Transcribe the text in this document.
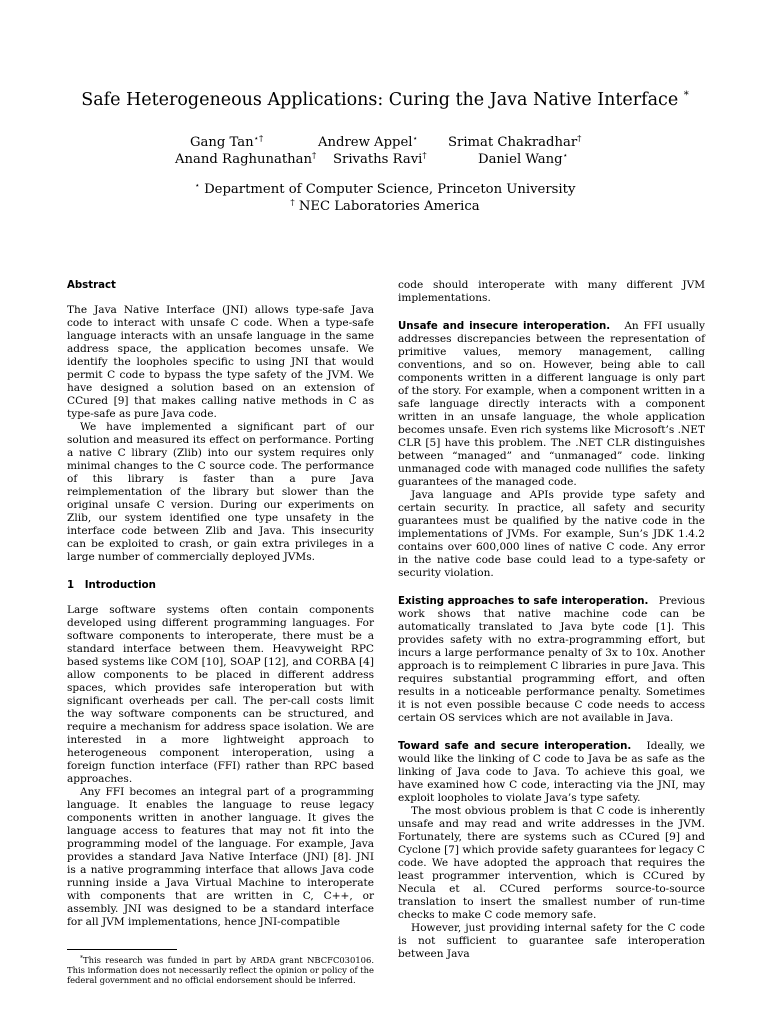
Safe Heterogeneous Applications: Curing the Java Native Interface *
Gang Tan⋆†	Andrew Appel⋆ Srimat Chakradhar†
Anand Raghunathan† Srivaths Ravi†	Daniel Wang⋆
⋆ Department of Computer Science, Princeton University
† NEC Laboratories America
Abstract

The Java Native Interface (JNI) allows type-safe Java code to interact with unsafe C code. When a type-safe language interacts with an unsafe language in the same address space, the application becomes unsafe. We identify the loopholes specific to using JNI that would permit C code to bypass the type safety of the JVM. We have designed a solution based on an extension of CCured [9] that makes calling native methods in C as type-safe as pure Java code.

We have implemented a significant part of our solution and measured its effect on performance. Porting a native C library (Zlib) into our system requires only minimal changes to the C source code. The performance of this library is faster than a pure Java reimplementation of the library but slower than the original unsafe C version. During our experiments on Zlib, our system identified one type unsafety in the interface code between Zlib and Java. This insecurity can be exploited to crash, or gain extra privileges in a large number of commercially deployed JVMs.

1   Introduction

Large software systems often contain components developed using different programming languages. For software components to interoperate, there must be a standard interface between them. Heavyweight RPC based systems like COM [10], SOAP [12], and CORBA [4] allow components to be placed in different address spaces, which provides safe interoperation but with significant overheads per call. The per-call costs limit the way software components can be structured, and require a mechanism for address space isolation. We are interested in a more lightweight approach to heterogeneous component interoperation, using a foreign function interface (FFI) rather than RPC based approaches.

Any FFI becomes an integral part of a programming language. It enables the language to reuse legacy components written in another language. It gives the language access to features that may not fit into the programming model of the language. For example, Java provides a standard Java Native Interface (JNI) [8]. JNI is a native programming interface that allows Java code running inside a Java Virtual Machine to interoperate with components that are written in C, C++, or assembly. JNI was designed to be a standard interface for all JVM implementations, hence JNI-compatible

*This research was funded in part by ARDA grant NBCFC030106. This information does not necessarily reflect the opinion or policy of the federal government and no official endorsement should be inferred.

code should interoperate with many different JVM implementations.

Unsafe and insecure interoperation. An FFI usually addresses discrepancies between the representation of primitive values, memory management, calling conventions, and so on. However, being able to call components written in a different language is only part of the story. For example, when a component written in a safe language directly interacts with a component written in an unsafe language, the whole application becomes unsafe. Even rich systems like Microsoft’s .NET CLR [5] have this problem. The .NET CLR distinguishes between “managed” and “unmanaged” code. linking unmanaged code with managed code nullifies the safety guarantees of the managed code.

Java language and APIs provide type safety and certain security. In practice, all safety and security guarantees must be qualified by the native code in the implementations of JVMs. For example, Sun’s JDK 1.4.2 contains over 600,000 lines of native C code. Any error in the native code base could lead to a type-safety or security violation.

Existing approaches to safe interoperation. Previous work shows that native machine code can be automatically translated to Java byte code [1]. This provides safety with no extra-programming effort, but incurs a large performance penalty of 3x to 10x. Another approach is to reimplement C libraries in pure Java. This requires substantial programming effort, and often results in a noticeable performance penalty. Sometimes it is not even possible because C code needs to access certain OS services which are not available in Java.

Toward safe and secure interoperation. Ideally, we would like the linking of C code to Java be as safe as the linking of Java code to Java. To achieve this goal, we have examined how C code, interacting via the JNI, may exploit loopholes to violate Java’s type safety.

The most obvious problem is that C code is inherently unsafe and may read and write addresses in the JVM. Fortunately, there are systems such as CCured [9] and Cyclone [7] which provide safety guarantees for legacy C code. We have adopted the approach that requires the least programmer intervention, which is CCured by Necula et al. CCured performs source-to-source translation to insert the smallest number of run-time checks to make C code memory safe.

However, just providing internal safety for the C code is not sufficient to guarantee safe interoperation between Java
